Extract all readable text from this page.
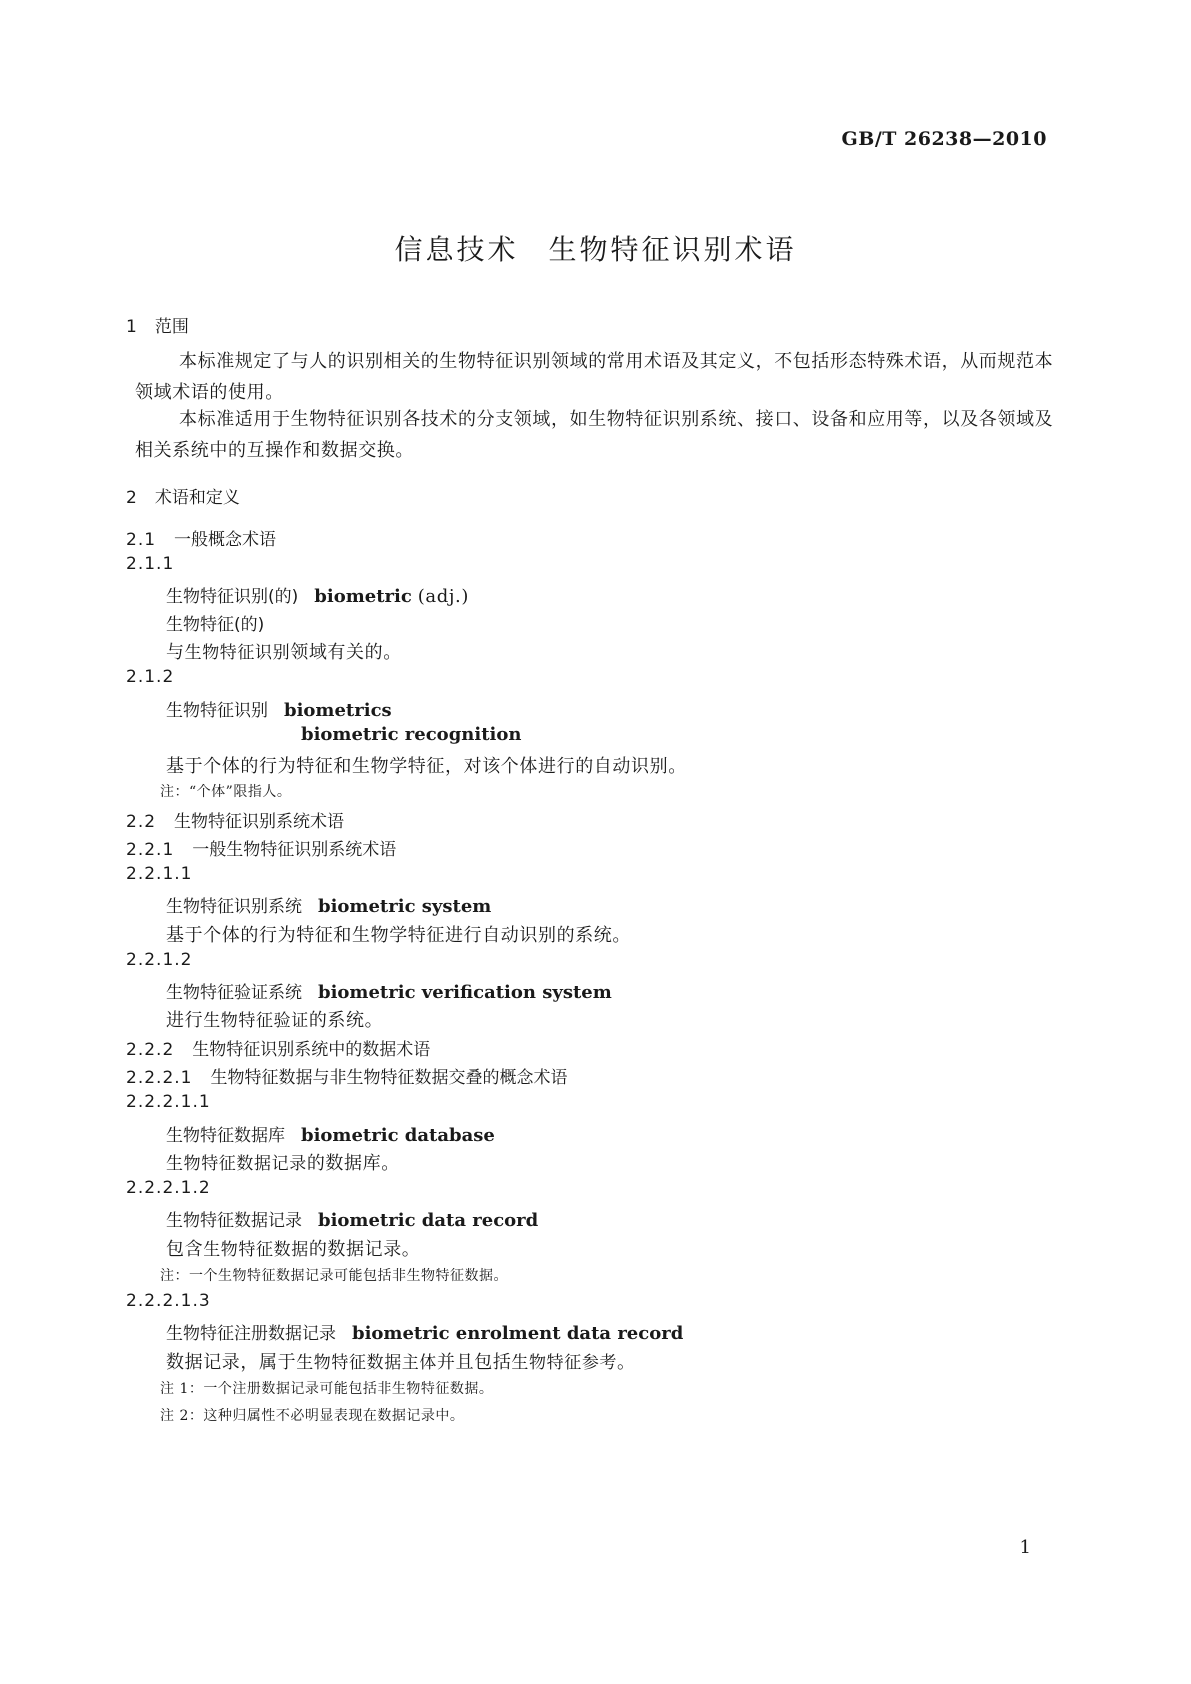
GB/T 26238—2010
信息技术 生物特征识别术语
1 范围

本标准规定了与人的识别相关的生物特征识别领域的常用术语及其定义，不包括形态特殊术语，从而规范本领域术语的使用。

本标准适用于生物特征识别各技术的分支领域，如生物特征识别系统、接口、设备和应用等，以及各领域及相关系统中的互操作和数据交换。

2 术语和定义
2.1 一般概念术语
2.1.1
生物特征识别(的) biometric (adj.)
生物特征(的)
与生物特征识别领域有关的。
2.1.2
生物特征识别 biometrics
biometric recognition
基于个体的行为特征和生物学特征，对该个体进行的自动识别。
注：“个体”限指人。
2.2 生物特征识别系统术语
2.2.1 一般生物特征识别系统术语
2.2.1.1
生物特征识别系统 biometric system
基于个体的行为特征和生物学特征进行自动识别的系统。
2.2.1.2
生物特征验证系统 biometric verification system
进行生物特征验证的系统。
2.2.2 生物特征识别系统中的数据术语
2.2.2.1 生物特征数据与非生物特征数据交叠的概念术语
2.2.2.1.1
生物特征数据库 biometric database
生物特征数据记录的数据库。
2.2.2.1.2
生物特征数据记录 biometric data record
包含生物特征数据的数据记录。
注：一个生物特征数据记录可能包括非生物特征数据。
2.2.2.1.3
生物特征注册数据记录 biometric enrolment data record
数据记录，属于生物特征数据主体并且包括生物特征参考。
注 1：一个注册数据记录可能包括非生物特征数据。
注 2：这种归属性不必明显表现在数据记录中。
1
